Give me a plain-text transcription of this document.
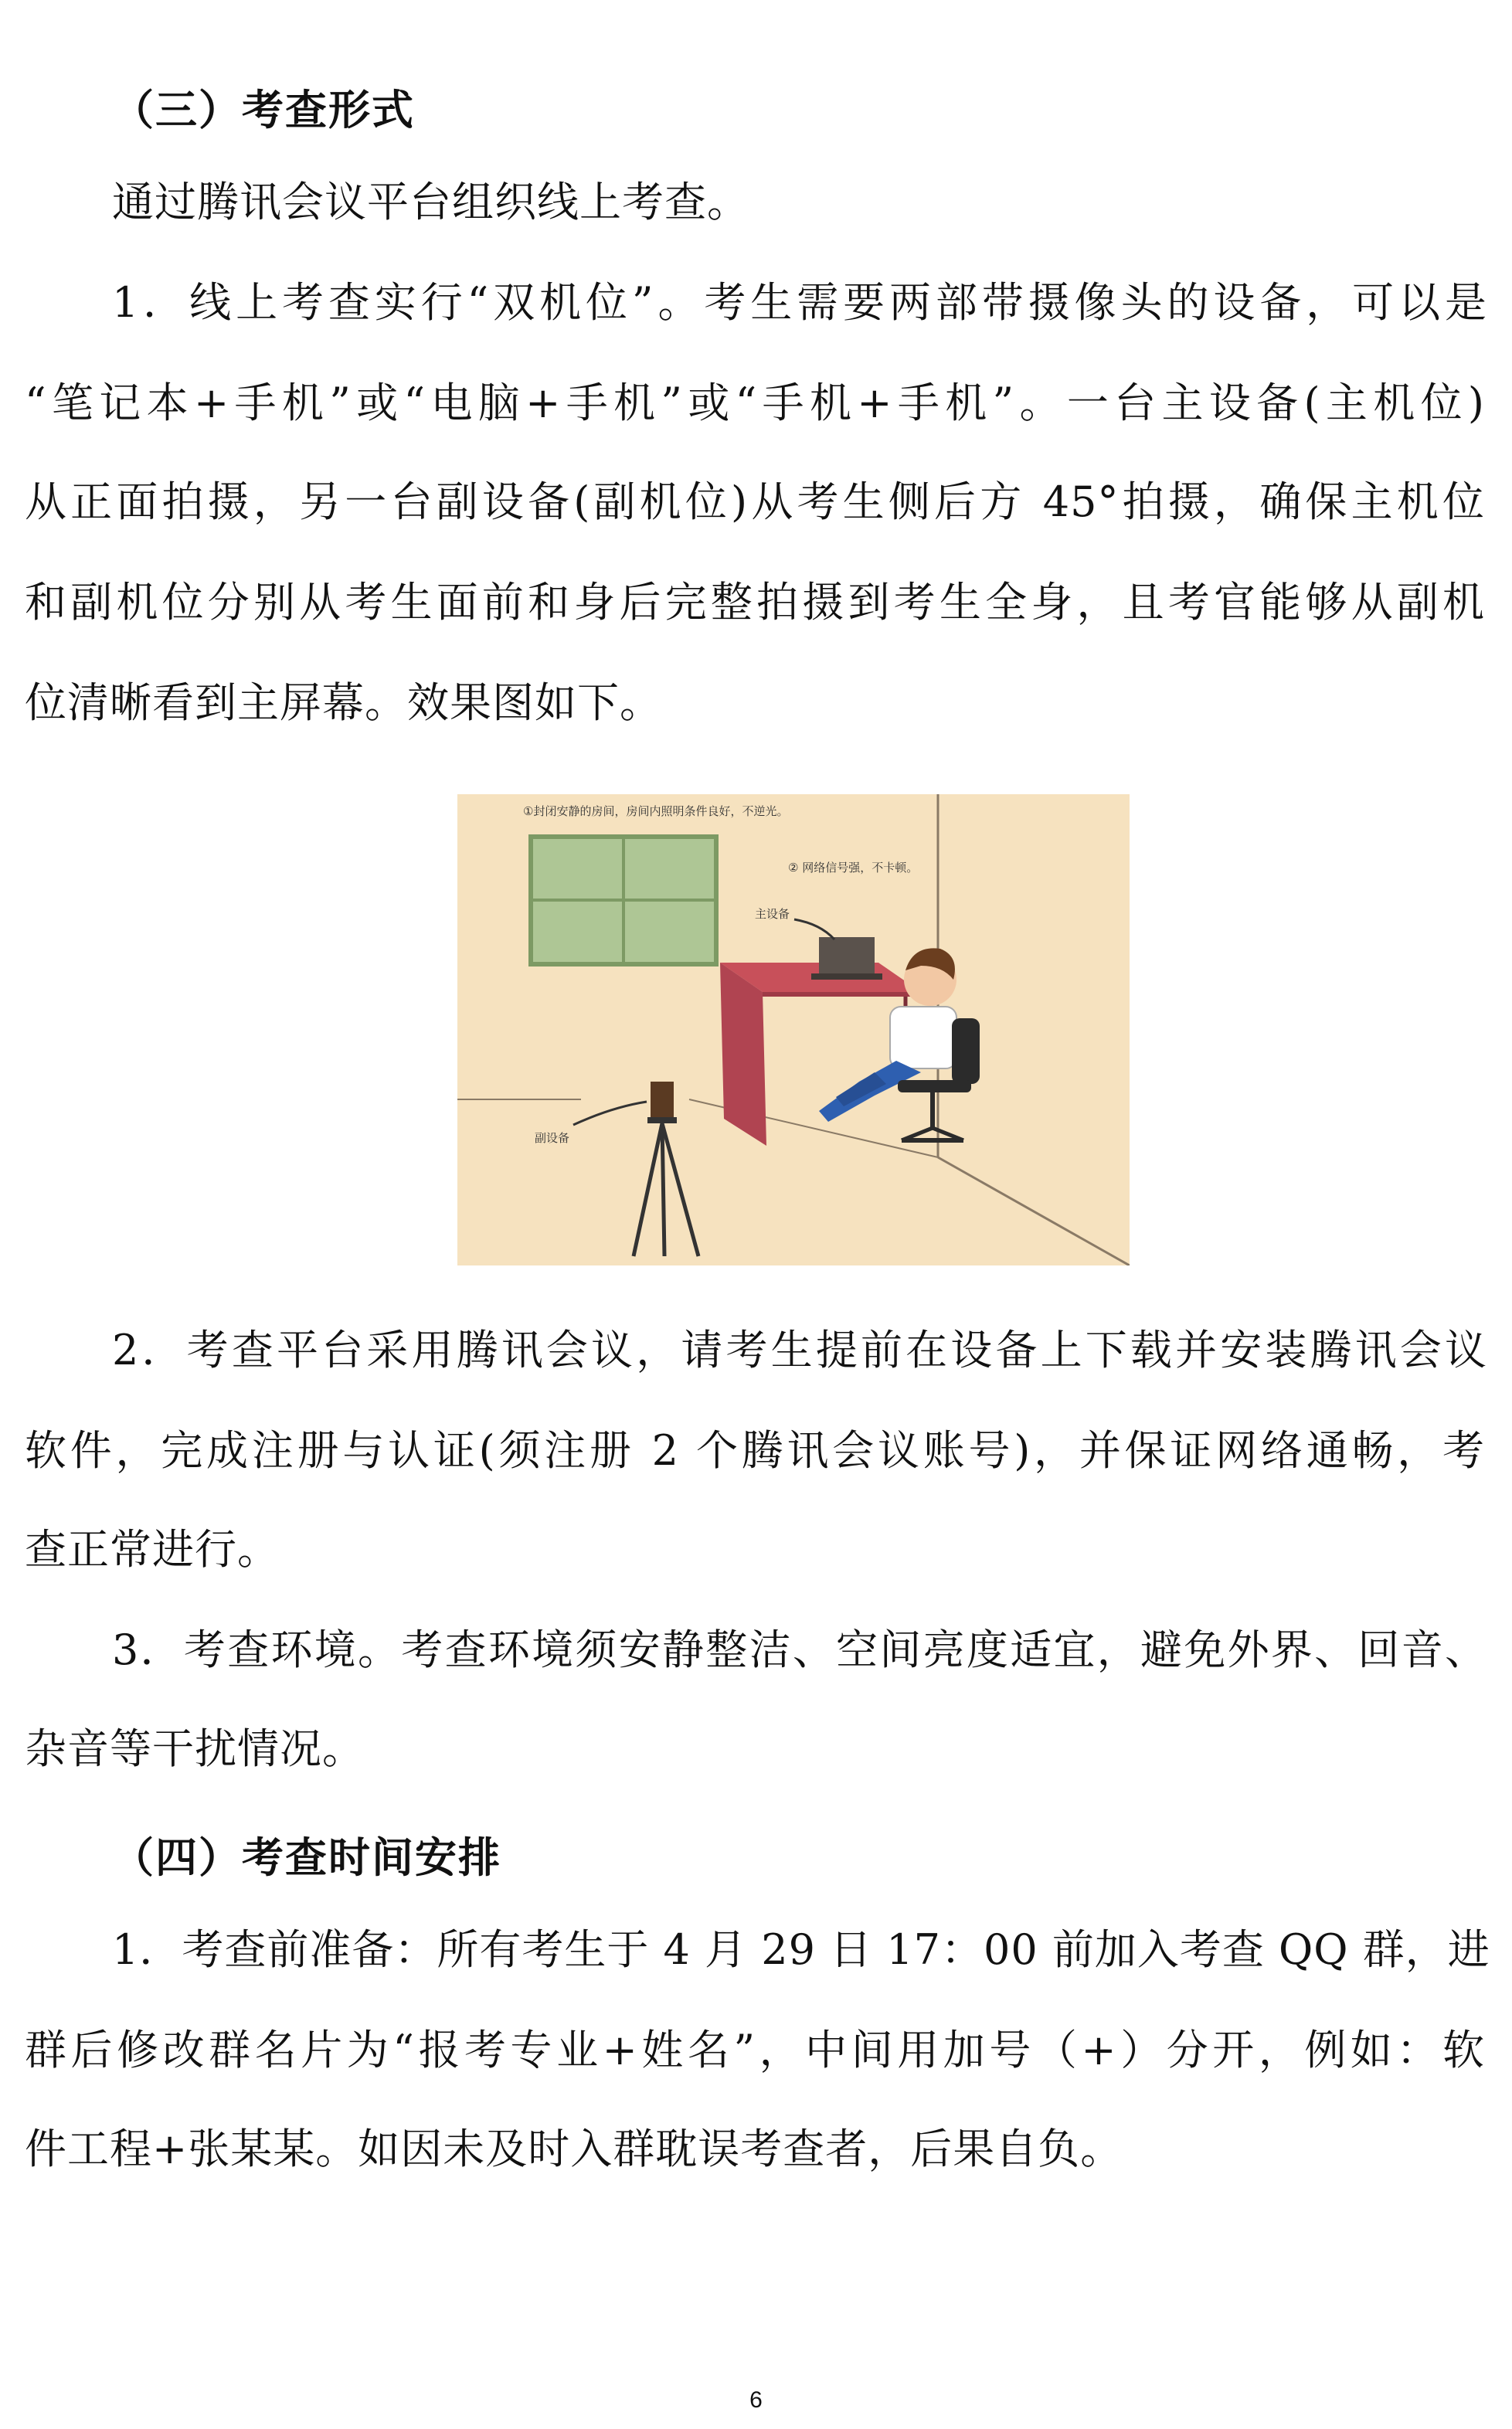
（三）考查形式
通过腾讯会议平台组织线上考查。
1．线上考查实行“双机位”。考生需要两部带摄像头的设备，可以是
“笔记本+手机”或“电脑+手机”或“手机+手机”。一台主设备(主机位)
从正面拍摄，另一台副设备(副机位)从考生侧后方 45°拍摄，确保主机位
和副机位分别从考生面前和身后完整拍摄到考生全身，且考官能够从副机
位清晰看到主屏幕。效果图如下。
①封闭安静的房间，房间内照明条件良好，不逆光。
② 网络信号强，不卡顿。
主设备
副设备
2．考查平台采用腾讯会议，请考生提前在设备上下载并安装腾讯会议
软件，完成注册与认证(须注册 2 个腾讯会议账号)，并保证网络通畅，考
查正常进行。
3．考查环境。考查环境须安静整洁、空间亮度适宜，避免外界、回音、
杂音等干扰情况。
（四）考查时间安排
1．考查前准备：所有考生于 4 月 29 日 17：00 前加入考查 QQ 群，进
群后修改群名片为“报考专业+姓名”，中间用加号（+）分开，例如：软
件工程+张某某。如因未及时入群耽误考查者，后果自负。
6
